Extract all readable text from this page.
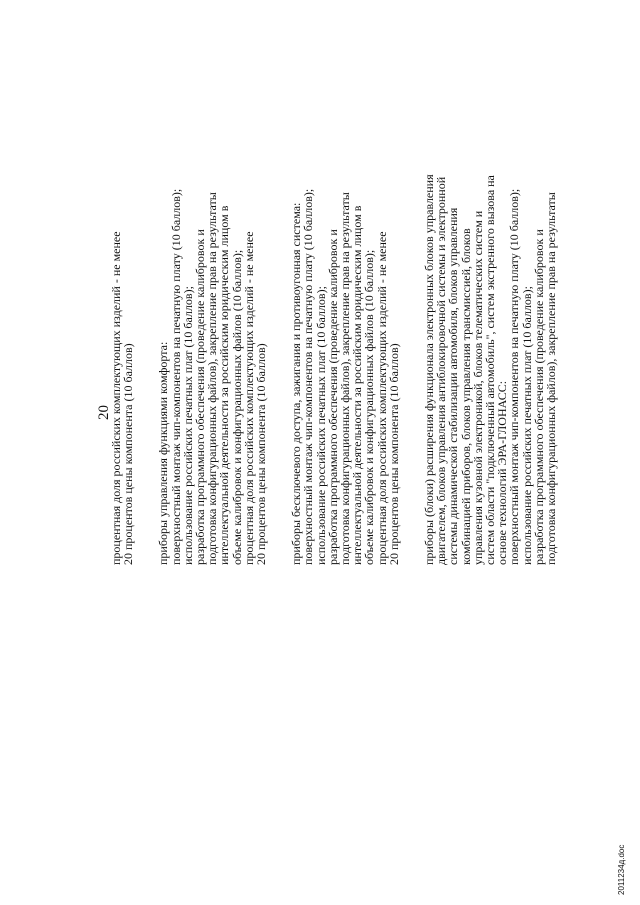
20
процентная доля российских комплектующих изделий - не менее
20 процентов цены компонента (10 баллов) приборы управления функциями комфорта:
поверхностный монтаж чип-компонентов на печатную плату (10 баллов);
использование российских печатных плат (10 баллов);
разработка программного обеспечения (проведение калибровок и
подготовка конфигурационных файлов), закрепление прав на результаты
интеллектуальной деятельности за российским юридическим лицом в
объеме калибровок и конфигурационных файлов (10 баллов);
процентная доля российских комплектующих изделий - не менее
20 процентов цены компонента (10 баллов) приборы бесключевого доступа, зажигания и противоугонная система:
поверхностный монтаж чип-компонентов на печатную плату (10 баллов);
использование российских печатных плат (10 баллов);
разработка программного обеспечения (проведение калибровок и
подготовка конфигурационных файлов), закрепление прав на результаты
интеллектуальной деятельности за российским юридическим лицом в
объеме калибровок и конфигурационных файлов (10 баллов);
процентная доля российских комплектующих изделий - не менее
20 процентов цены компонента (10 баллов) приборы (блоки) расширения функционала электронных блоков управления
двигателем, блоков управления антиблокировочной системы и электронной
системы динамической стабилизации автомобиля, блоков управления
комбинацией приборов, блоков управления трансмиссией, блоков
управления кузовной электроникой, блоков телематических систем и
систем области "подключенный автомобиль", систем экстренного вызова на
основе технологий ЭРА-ГЛОНАСС:
поверхностный монтаж чип-компонентов на печатную плату (10 баллов);
использование российских печатных плат (10 баллов);
разработка программного обеспечения (проведение калибровок и
подготовка конфигурационных файлов), закрепление прав на результаты
2011234д.doc
